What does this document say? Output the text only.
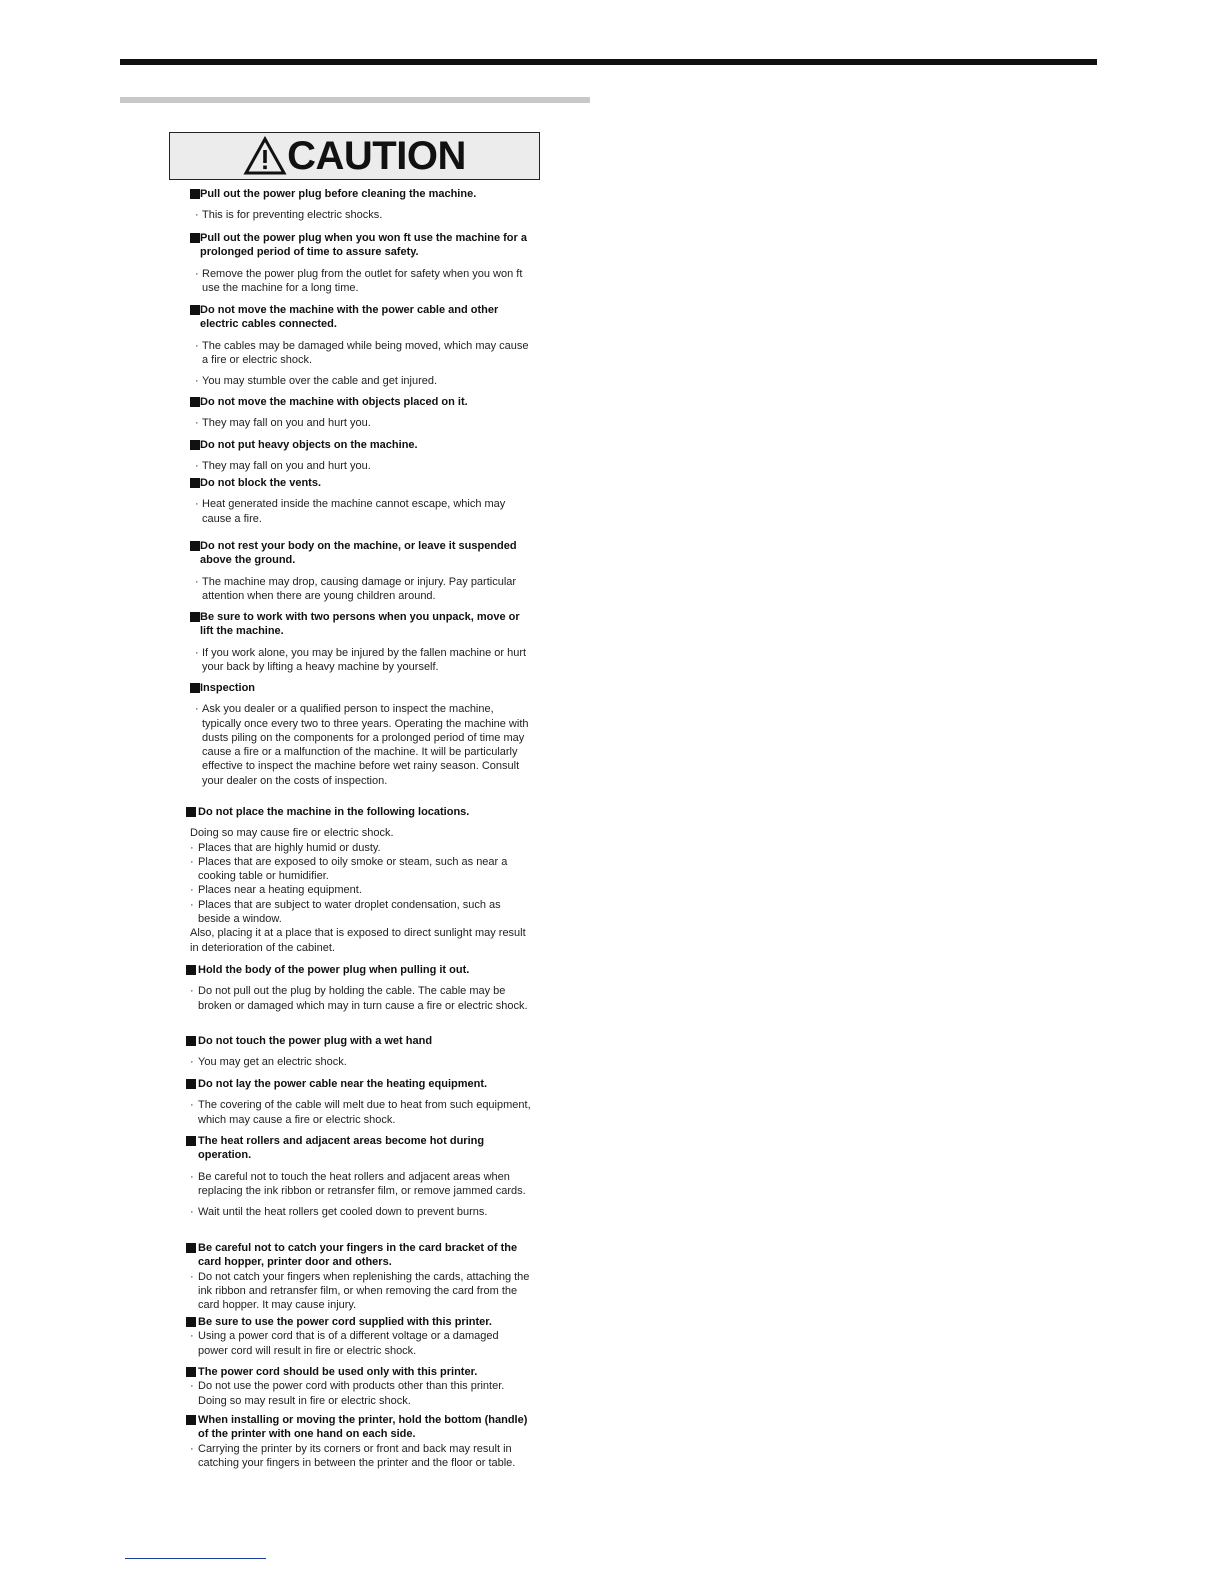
CAUTION
Pull out the power plug before cleaning the machine.
· This is for preventing electric shocks.
Pull out the power plug when you won ft use the machine for a prolonged period of time to assure safety.
· Remove the power plug from the outlet for safety when you won ft use the machine for a long time.
Do not move the machine with the power cable and other electric cables connected.
· The cables may be damaged while being moved, which may cause a fire or electric shock.
· You may stumble over the cable and get injured.
Do not move the machine with objects placed on it.
· They may fall on you and hurt you.
Do not put heavy objects on the machine.
· They may fall on you and hurt you.
Do not block the vents.
· Heat generated inside the machine cannot escape, which may cause a fire.
Do not rest your body on the machine, or leave it suspended above the ground.
· The machine may drop, causing damage or injury. Pay particular attention when there are young children around.
Be sure to work with two persons when you unpack, move or lift the machine.
· If you work alone, you may be injured by the fallen machine or hurt your back by lifting a heavy machine by yourself.
Inspection
· Ask you dealer or a qualified person to inspect the machine, typically once every two to three years. Operating the machine with dusts piling on the components for a prolonged period of time may cause a fire or a malfunction of the machine. It will be particularly effective to inspect the machine before wet rainy season. Consult your dealer on the costs of inspection.
Do not place the machine in the following locations.
Doing so may cause fire or electric shock.
· Places that are highly humid or dusty.
· Places that are exposed to oily smoke or steam, such as near a cooking table or humidifier.
· Places near a heating equipment.
· Places that are subject to water droplet condensation, such as beside a window.
Also, placing it at a place that is exposed to direct sunlight may result in deterioration of the cabinet.
Hold the body of the power plug when pulling it out.
· Do not pull out the plug by holding the cable. The cable may be broken or damaged which may in turn cause a fire or electric shock.
Do not touch the power plug with a wet hand
· You may get an electric shock.
Do not lay the power cable near the heating equipment.
· The covering of the cable will melt due to heat from such equipment, which may cause a fire or electric shock.
The heat rollers and adjacent areas become hot during operation.
· Be careful not to touch the heat rollers and adjacent areas when replacing the ink ribbon or retransfer film, or remove jammed cards.
· Wait until the heat rollers get cooled down to prevent burns.
Be careful not to catch your fingers in the card bracket of the card hopper, printer door and others.
· Do not catch your fingers when replenishing the cards, attaching the ink ribbon and retransfer film, or when removing the card from the card hopper. It may cause injury.
Be sure to use the power cord supplied with this printer.
· Using a power cord that is of a different voltage or a damaged power cord will result in fire or electric shock.
The power cord should be used only with this printer.
· Do not use the power cord with products other than this printer. Doing so may result in fire or electric shock.
When installing or moving the printer, hold the bottom (handle) of the printer with one hand on each side.
· Carrying the printer by its corners or front and back may result in catching your fingers in between the printer and the floor or table.
